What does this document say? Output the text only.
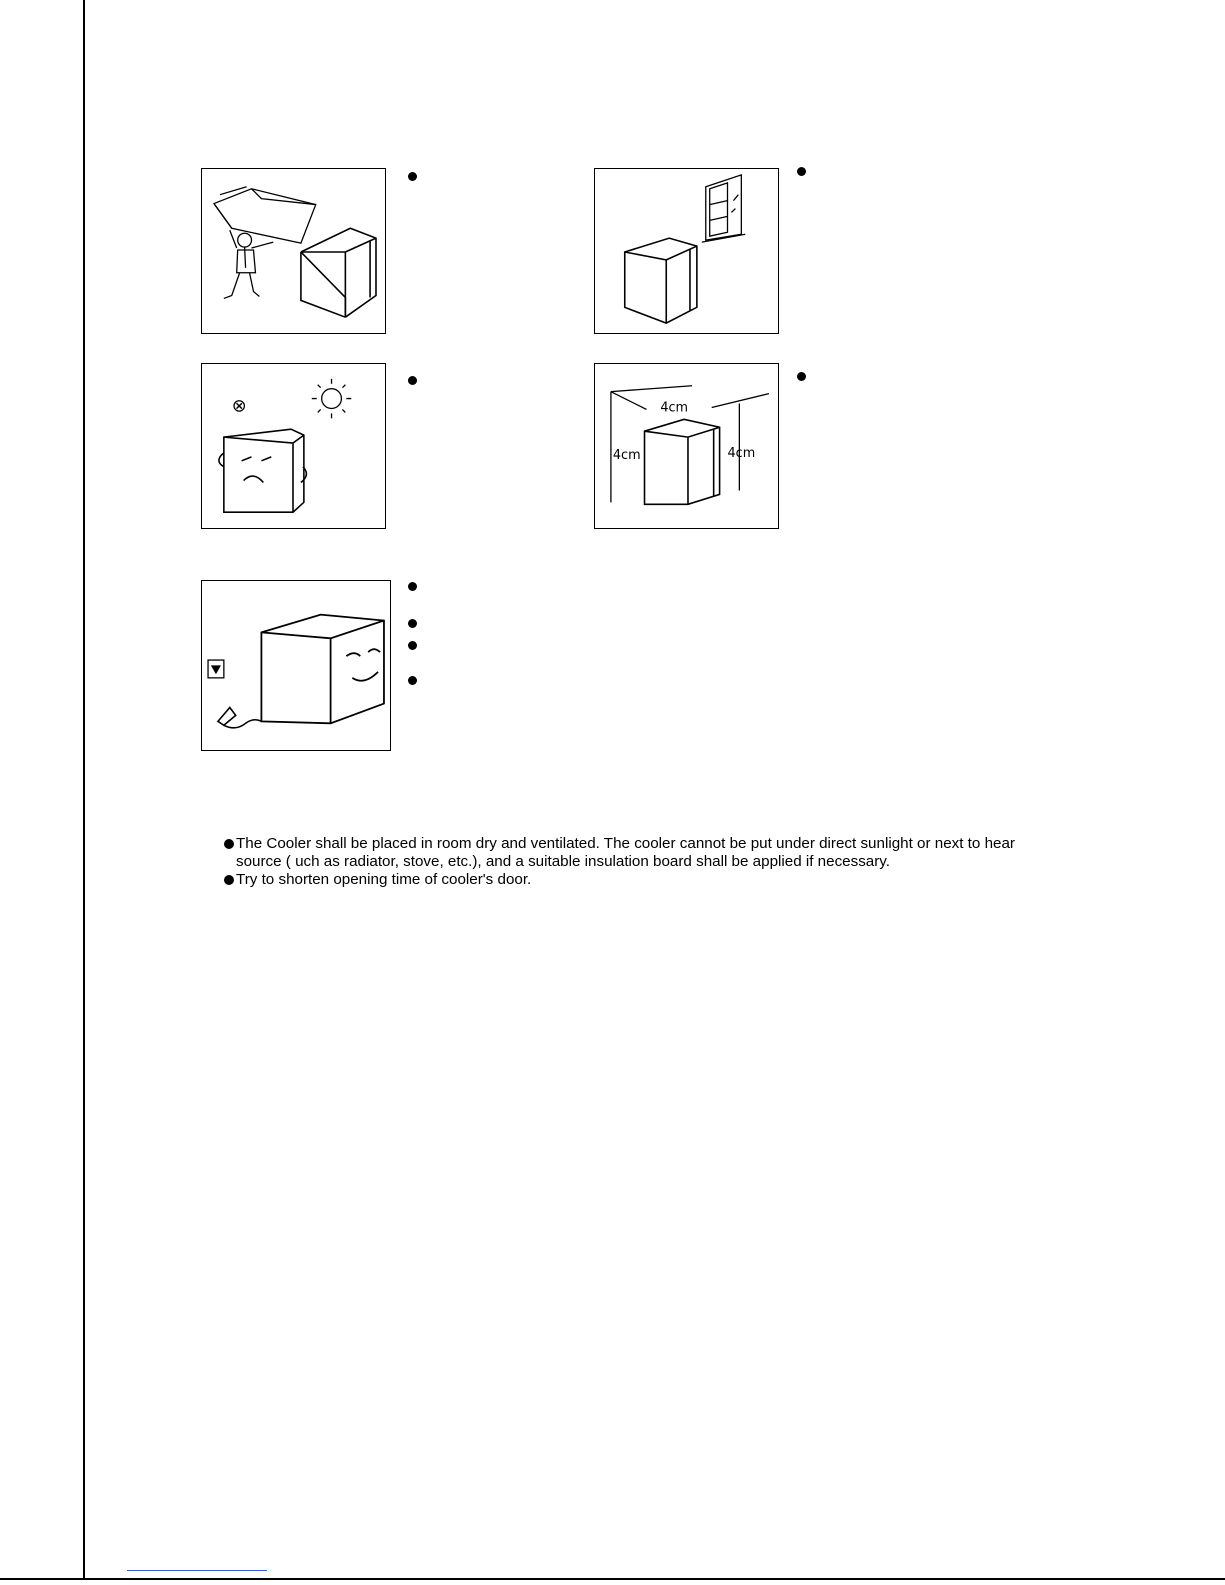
⊗	4cm
4cm	4cm
The Cooler shall be placed in room dry and ventilated. The cooler cannot be put under direct sunlight or next to hear source ( uch as radiator, stove, etc.), and a suitable insulation board shall be applied if necessary.
Try to shorten opening time of cooler's door.
